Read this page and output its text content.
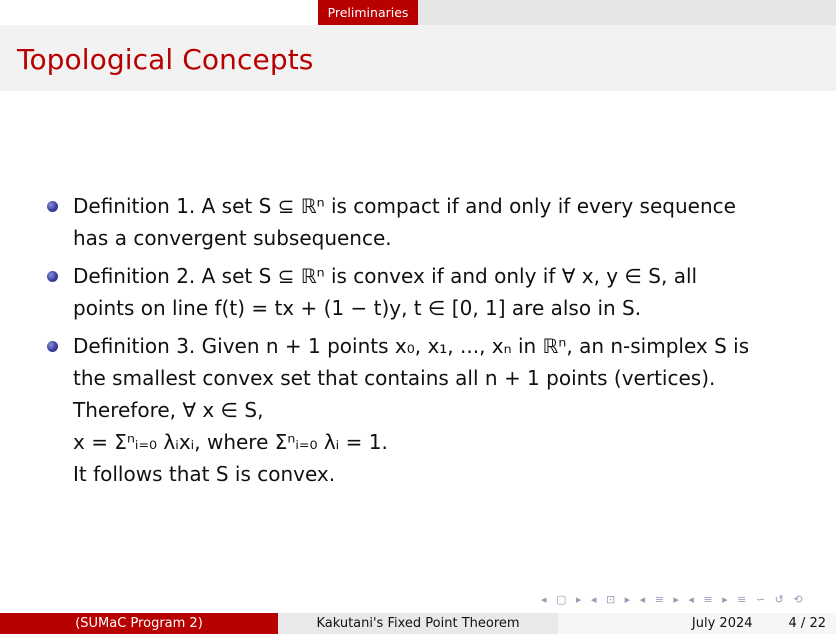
Preliminaries
Topological Concepts
Definition 1. A set S ⊆ ℝⁿ is compact if and only if every sequence
has a convergent subsequence.
Definition 2. A set S ⊆ ℝⁿ is convex if and only if ∀ x, y ∈ S, all
points on line f(t) = tx + (1 − t)y, t ∈ [0, 1] are also in S.
Definition 3. Given n + 1 points x₀, x₁, ..., xₙ in ℝⁿ, an n-simplex S is
the smallest convex set that contains all n + 1 points (vertices).
Therefore, ∀ x ∈ S,
x = Σⁿᵢ₌₀ λᵢxᵢ, where Σⁿᵢ₌₀ λᵢ = 1.
It follows that S is convex.
◂ ▢ ▸ ◂ ⊡ ▸ ◂ ≡ ▸ ◂ ≡ ▸ ≡ ∽ ↺ ⟲
(SUMaC Program 2)	Kakutani's Fixed Point Theorem	July 2024	4 / 22
